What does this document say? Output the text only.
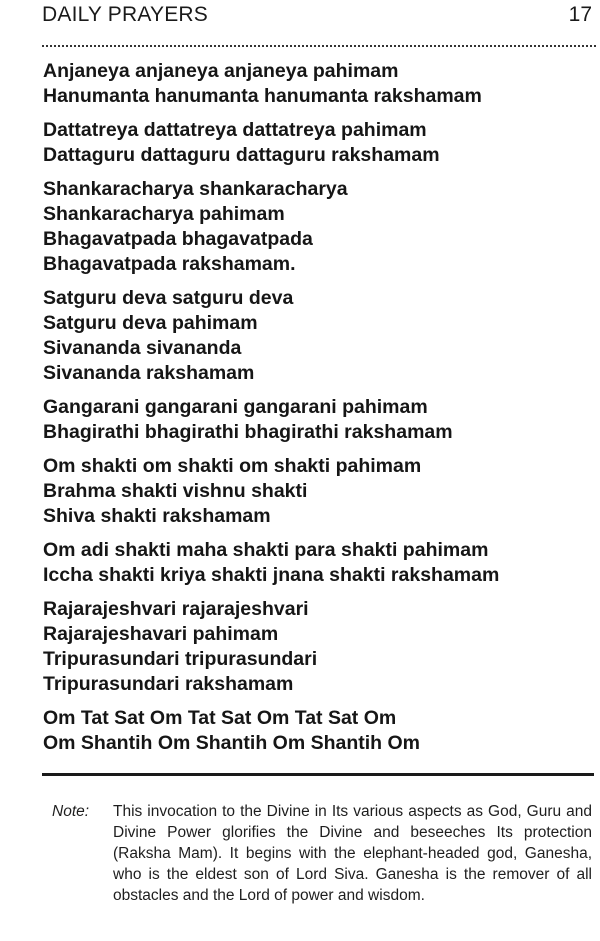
DAILY PRAYERS	17
Anjaneya anjaneya anjaneya pahimam
Hanumanta hanumanta hanumanta rakshamam
Dattatreya dattatreya dattatreya pahimam
Dattaguru dattaguru dattaguru rakshamam
Shankaracharya shankaracharya
Shankaracharya pahimam
Bhagavatpada bhagavatpada
Bhagavatpada rakshamam.
Satguru deva satguru deva
Satguru deva pahimam
Sivananda sivananda
Sivananda rakshamam
Gangarani gangarani gangarani pahimam
Bhagirathi bhagirathi bhagirathi rakshamam
Om shakti om shakti om shakti pahimam
Brahma shakti vishnu shakti
Shiva shakti rakshamam
Om adi shakti maha shakti para shakti pahimam
Iccha shakti kriya shakti jnana shakti rakshamam
Rajarajeshvari rajarajeshvari
Rajarajeshavari pahimam
Tripurasundari tripurasundari
Tripurasundari rakshamam
Om Tat Sat Om Tat Sat Om Tat Sat Om
Om Shantih Om Shantih Om Shantih Om
Note: This invocation to the Divine in Its various aspects as God, Guru and Divine Power glorifies the Divine and beseeches Its protection (Raksha Mam). It begins with the elephant-headed god, Ganesha, who is the eldest son of Lord Siva. Ganesha is the remover of all obstacles and the Lord of power and wisdom.
